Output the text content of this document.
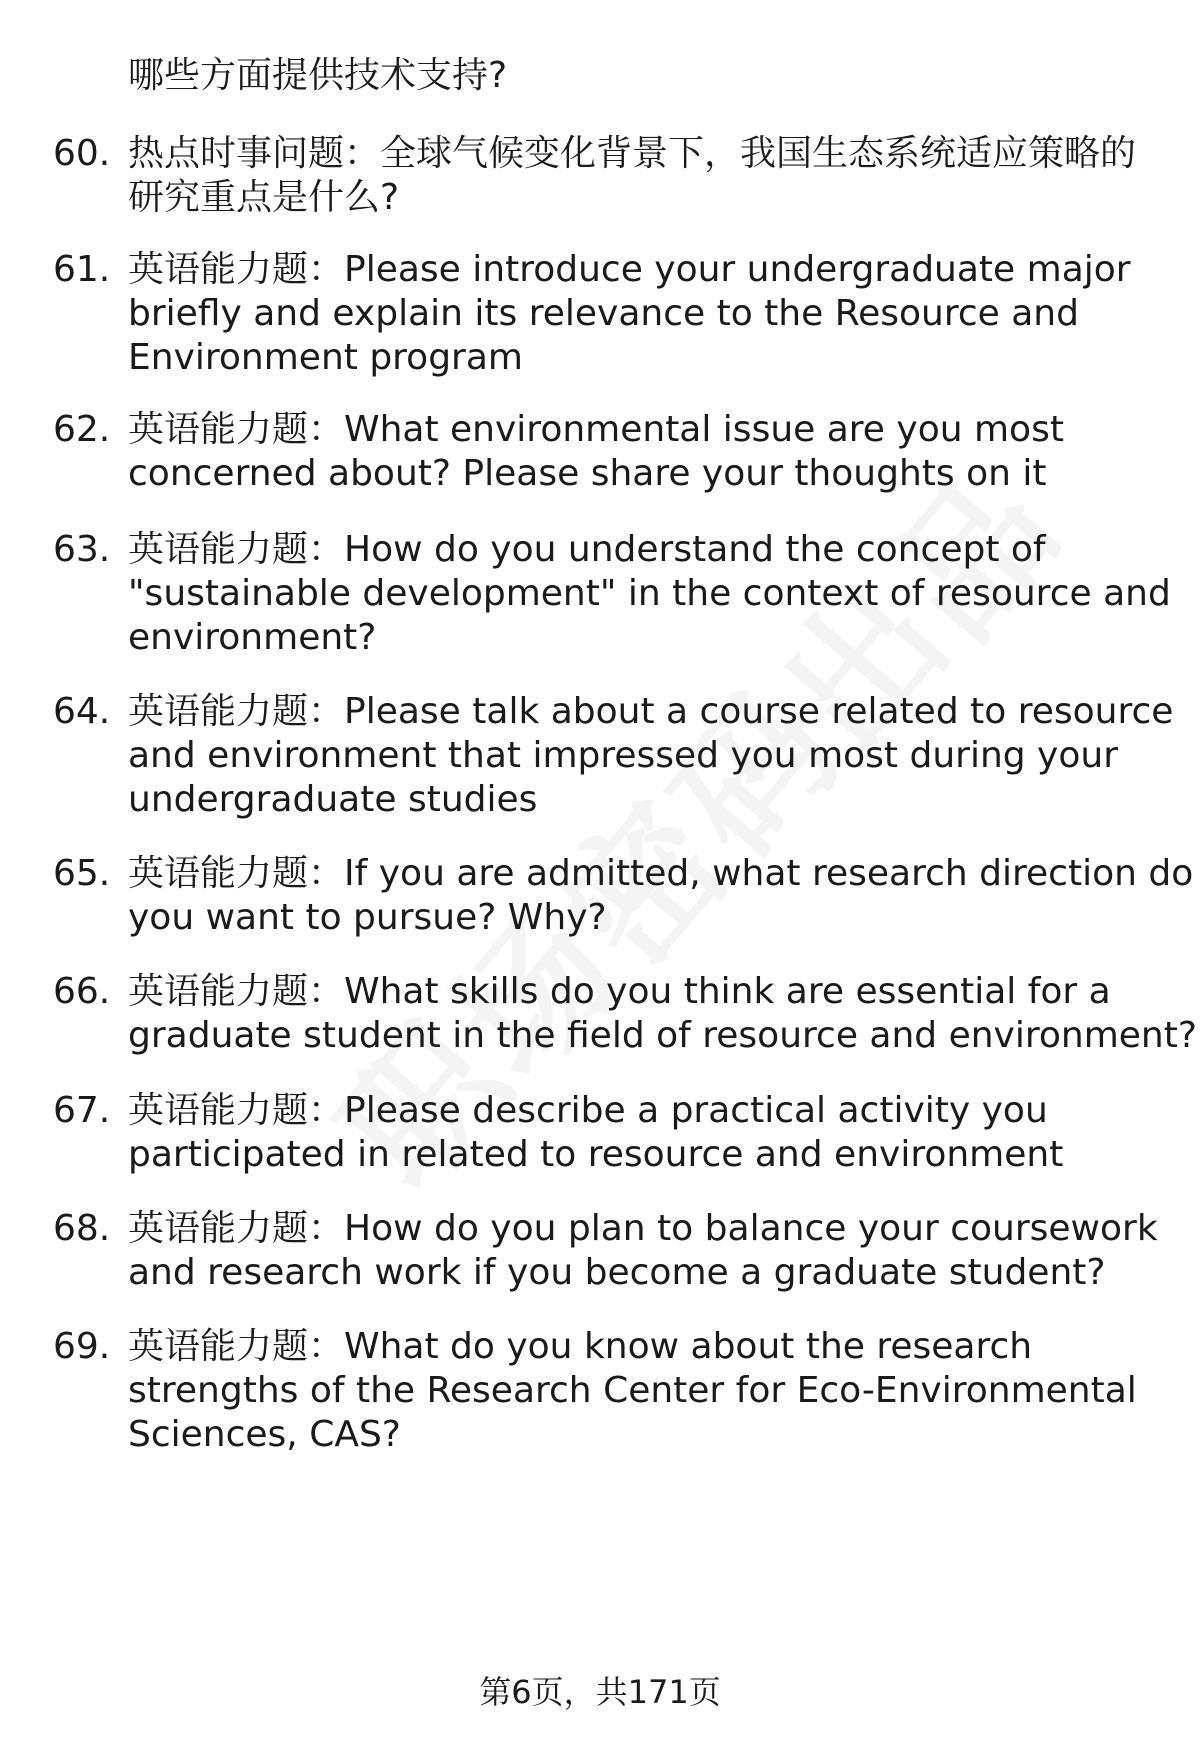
哪些方面提供技术支持?
60. 热点时事问题：全球气候变化背景下，我国生态系统适应策略的
研究重点是什么?
61. 英语能力题：Please introduce your undergraduate major
briefly and explain its relevance to the Resource and
Environment program
62. 英语能力题：What environmental issue are you most
concerned about? Please share your thoughts on it
63. 英语能力题：How do you understand the concept of
"sustainable development" in the context of resource and
environment?
64. 英语能力题：Please talk about a course related to resource
and environment that impressed you most during your
undergraduate studies
65. 英语能力题：If you are admitted, what research direction do
you want to pursue? Why?
66. 英语能力题：What skills do you think are essential for a
graduate student in the field of resource and environment?
67. 英语能力题：Please describe a practical activity you
participated in related to resource and environment
68. 英语能力题：How do you plan to balance your coursework
and research work if you become a graduate student?
69. 英语能力题：What do you know about the research
strengths of the Research Center for Eco-Environmental
Sciences, CAS?
第6页，共171页
